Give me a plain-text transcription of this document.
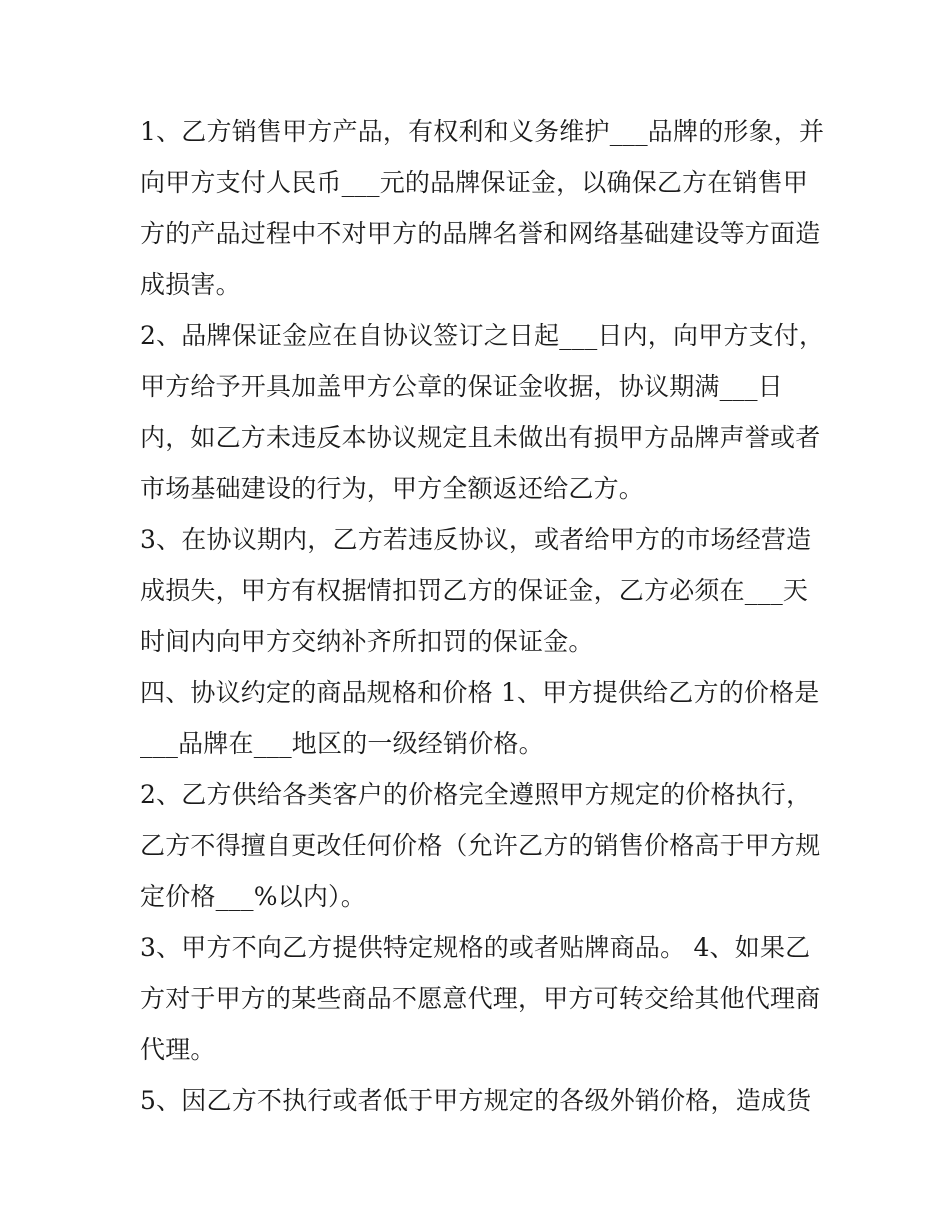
1、乙方销售甲方产品，有权利和义务维护___品牌的形象，并
向甲方支付人民币___元的品牌保证金，以确保乙方在销售甲
方的产品过程中不对甲方的品牌名誉和网络基础建设等方面造
成损害。
2、品牌保证金应在自协议签订之日起___日内，向甲方支付，
甲方给予开具加盖甲方公章的保证金收据，协议期满___日
内，如乙方未违反本协议规定且未做出有损甲方品牌声誉或者
市场基础建设的行为，甲方全额返还给乙方。
3、在协议期内，乙方若违反协议，或者给甲方的市场经营造
成损失，甲方有权据情扣罚乙方的保证金，乙方必须在___天
时间内向甲方交纳补齐所扣罚的保证金。
四、协议约定的商品规格和价格 1、甲方提供给乙方的价格是
___品牌在___地区的一级经销价格。
2、乙方供给各类客户的价格完全遵照甲方规定的价格执行，
乙方不得擅自更改任何价格（允许乙方的销售价格高于甲方规
定价格___%以内）。
3、甲方不向乙方提供特定规格的或者贴牌商品。 4、如果乙
方对于甲方的某些商品不愿意代理，甲方可转交给其他代理商
代理。
5、因乙方不执行或者低于甲方规定的各级外销价格，造成货
